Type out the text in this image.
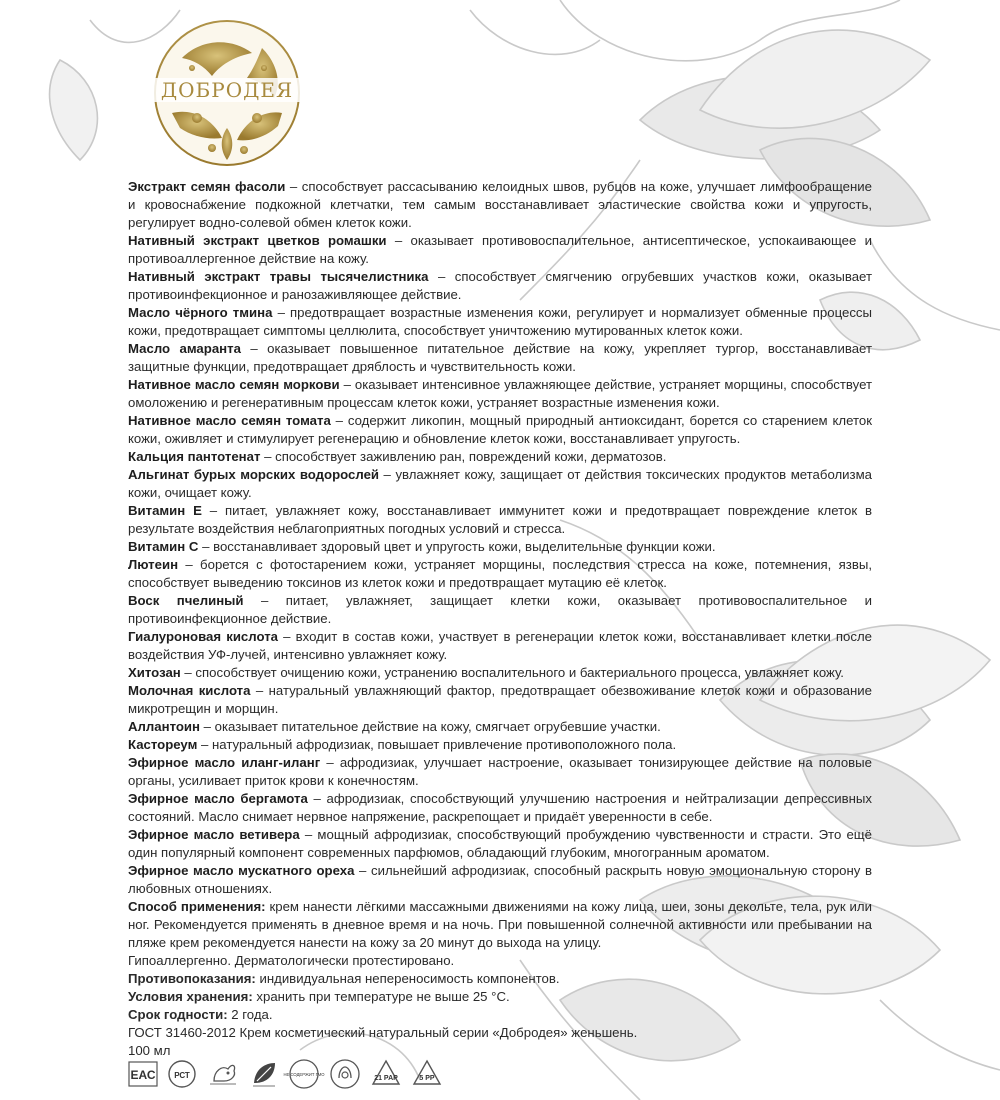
ДОБРОДЕЯ

Экстракт семян фасоли – способствует рассасыванию келоидных швов, рубцов на коже, улучшает лимфообращение и кровоснабжение подкожной клетчатки, тем самым восстанавливает эластические свойства кожи и упругость, регулирует водно-солевой обмен клеток кожи.

Нативный экстракт цветков ромашки – оказывает противовоспалительное, антисептическое, успокаивающее и противоаллергенное действие на кожу.

Нативный экстракт травы тысячелистника – способствует смягчению огрубевших участков кожи, оказывает противоинфекционное и ранозаживляющее действие.

Масло чёрного тмина – предотвращает возрастные изменения кожи, регулирует и нормализует обменные процессы кожи, предотвращает симптомы целлюлита, способствует уничтожению мутированных клеток кожи.

Масло амаранта – оказывает повышенное питательное действие на кожу, укрепляет тургор, восстанавливает защитные функции, предотвращает дряблость и чувствительность кожи.

Нативное масло семян моркови – оказывает интенсивное увлажняющее действие, устраняет морщины, способствует омоложению и регенеративным процессам клеток кожи, устраняет возрастные изменения кожи.

Нативное масло семян томата – содержит ликопин, мощный природный антиоксидант, борется со старением клеток кожи, оживляет и стимулирует регенерацию и обновление клеток кожи, восстанавливает упругость.

Кальция пантотенат – способствует заживлению ран, повреждений кожи, дерматозов.

Альгинат бурых морских водорослей – увлажняет кожу, защищает от действия токсических продуктов метаболизма кожи, очищает кожу.

Витамин Е – питает, увлажняет кожу, восстанавливает иммунитет кожи и предотвращает повреждение клеток в результате воздействия неблагоприятных погодных условий и стресса.

Витамин С – восстанавливает здоровый цвет и упругость кожи, выделительные функции кожи.

Лютеин – борется с фотостарением кожи, устраняет морщины, последствия стресса на коже, потемнения, язвы, способствует выведению токсинов из клеток кожи и предотвращает мутацию её клеток.

Воск пчелиный – питает, увлажняет, защищает клетки кожи, оказывает противовоспалительное и противоинфекционное действие.

Гиалуроновая кислота – входит в состав кожи, участвует в регенерации клеток кожи, восстанавливает клетки после воздействия УФ-лучей, интенсивно увлажняет кожу.

Хитозан – способствует очищению кожи, устранению воспалительного и бактериального процесса, увлажняет кожу.

Молочная кислота – натуральный увлажняющий фактор, предотвращает обезвоживание клеток кожи и образование микротрещин и морщин.

Аллантоин – оказывает питательное действие на кожу, смягчает огрубевшие участки.

Кастореум – натуральный афродизиак, повышает привлечение противоположного пола.

Эфирное масло иланг-иланг – афродизиак, улучшает настроение, оказывает тонизирующее действие на половые органы, усиливает приток крови к конечностям.

Эфирное масло бергамота – афродизиак, способствующий улучшению настроения и нейтрализации депрессивных состояний. Масло снимает нервное напряжение, раскрепощает и придаёт уверенности в себе.

Эфирное масло ветивера – мощный афродизиак, способствующий пробуждению чувственности и страсти. Это ещё один популярный компонент современных парфюмов, обладающий глубоким, многогранным ароматом.

Эфирное масло мускатного ореха – сильнейший афродизиак, способный раскрыть новую эмоциональную сторону в любовных отношениях.

Способ применения: крем нанести лёгкими массажными движениями на кожу лица, шеи, зоны декольте, тела, рук или ног. Рекомендуется применять в дневное время и на ночь. При повышенной солнечной активности или пребывании на пляже крем рекомендуется нанести на кожу за 20 минут до выхода на улицу.

Гипоаллергенно. Дерматологически протестировано.

Противопоказания: индивидуальная непереносимость компонентов.

Условия хранения: хранить при температуре не выше 25 °С.

Срок годности: 2 года.

ГОСТ 31460-2012 Крем косметический натуральный серии «Добродея» женьшень.

100 мл

ЕАС РСТ	НЕ СОДЕРЖИТ ГМО
21 PAP	5 PP
